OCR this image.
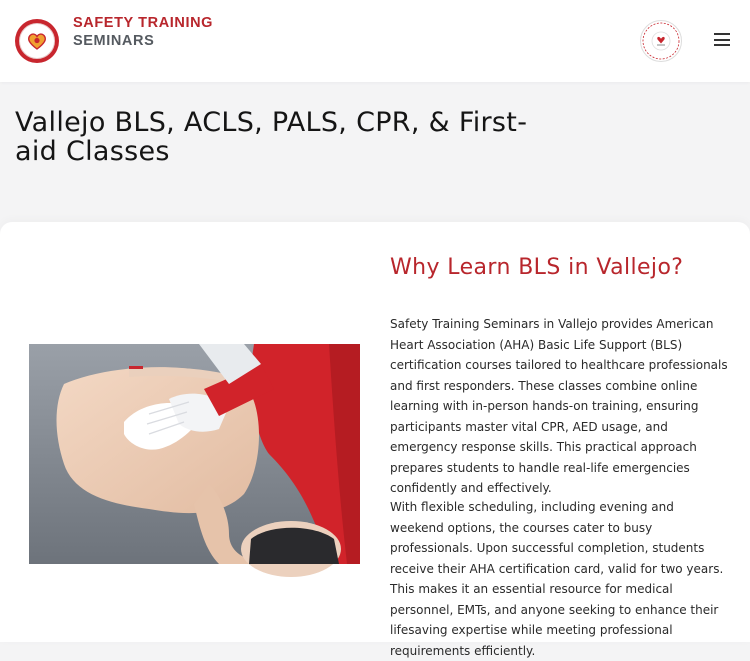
SAFETY TRAINING
SEMINARS
Vallejo BLS, ACLS, PALS, CPR, & First-aid Classes
Why Learn BLS in Vallejo?

Safety Training Seminars in Vallejo provides American Heart Association (AHA) Basic Life Support (BLS) certification courses tailored to healthcare professionals and first responders. These classes combine online learning with in-person hands-on training, ensuring participants master vital CPR, AED usage, and emergency response skills. This practical approach prepares students to handle real-life emergencies confidently and effectively.

With flexible scheduling, including evening and weekend options, the courses cater to busy professionals. Upon successful completion, students receive their AHA certification card, valid for two years. This makes it an essential resource for medical personnel, EMTs, and anyone seeking to enhance their lifesaving expertise while meeting professional requirements efficiently.
